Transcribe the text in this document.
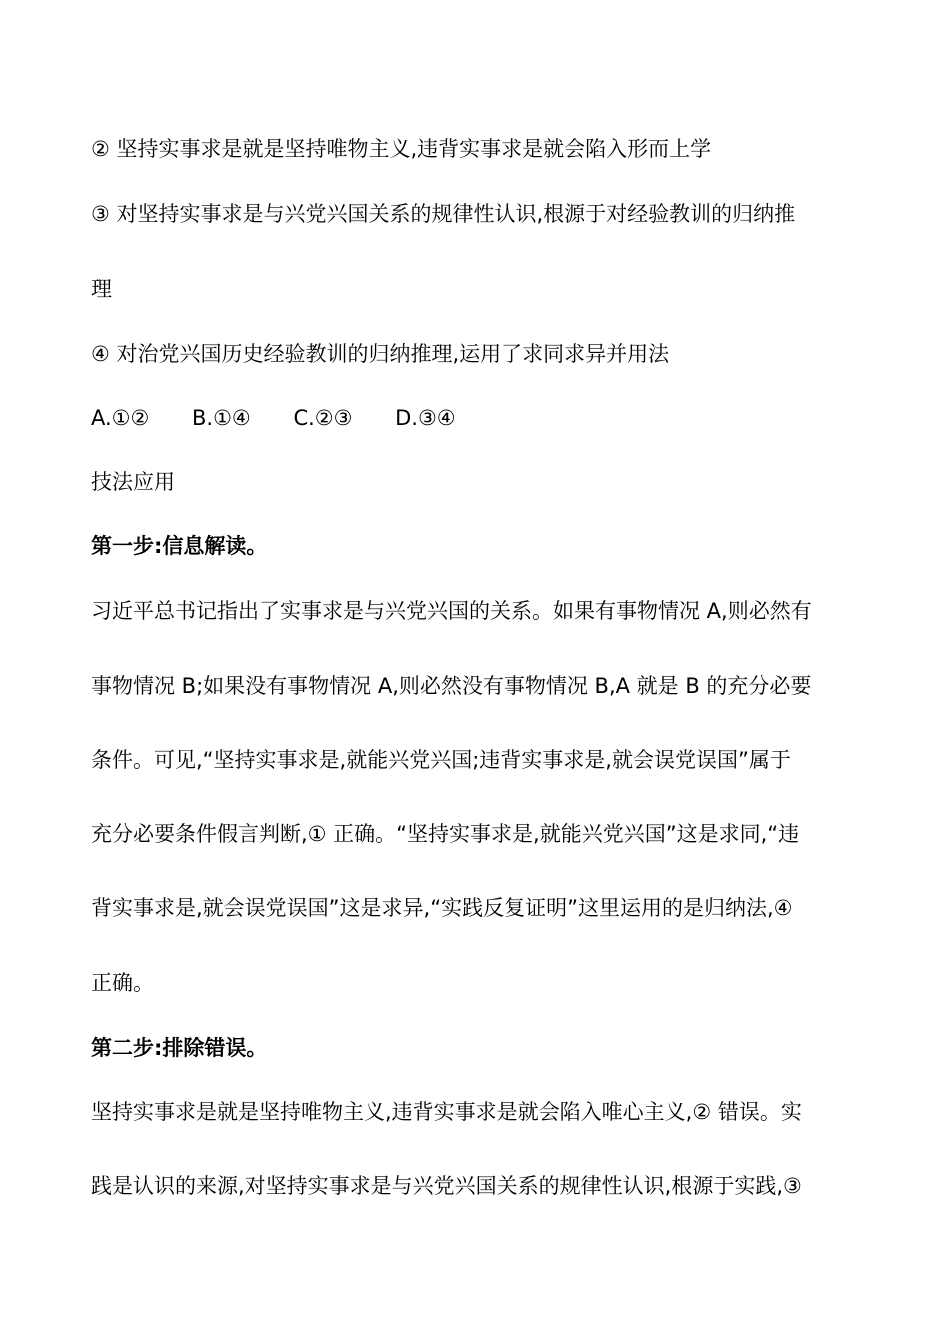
② 坚持实事求是就是坚持唯物主义,违背实事求是就会陷入形而上学
③ 对坚持实事求是与兴党兴国关系的规律性认识,根源于对经验教训的归纳推
理
④ 对治党兴国历史经验教训的归纳推理,运用了求同求异并用法
A.①② B.①④ C.②③ D.③④
技法应用
第一步:信息解读。
习近平总书记指出了实事求是与兴党兴国的关系。如果有事物情况 A,则必然有
事物情况 B;如果没有事物情况 A,则必然没有事物情况 B,A 就是 B 的充分必要
条件。可见,“坚持实事求是,就能兴党兴国;违背实事求是,就会误党误国”属于
充分必要条件假言判断,① 正确。“坚持实事求是,就能兴党兴国”这是求同,“违
背实事求是,就会误党误国”这是求异,“实践反复证明”这里运用的是归纳法,④
正确。
第二步:排除错误。
坚持实事求是就是坚持唯物主义,违背实事求是就会陷入唯心主义,② 错误。实
践是认识的来源,对坚持实事求是与兴党兴国关系的规律性认识,根源于实践,③
